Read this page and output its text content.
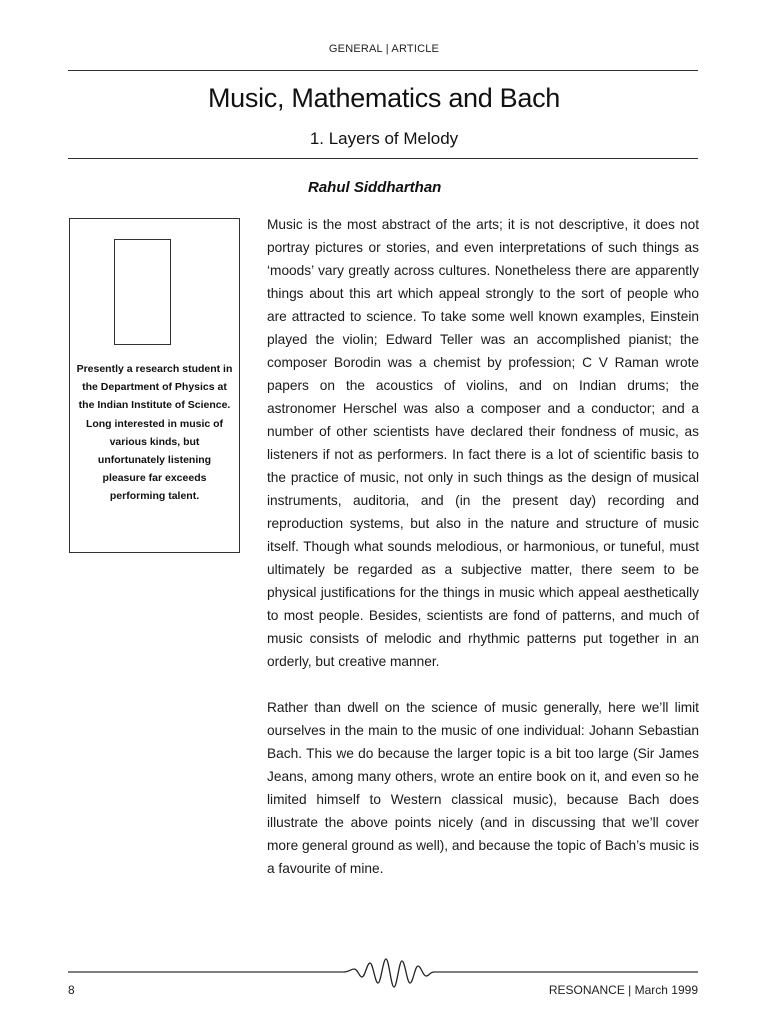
GENERAL | ARTICLE
Music, Mathematics and Bach
1. Layers of Melody
Rahul Siddharthan
Presently a research student in the Department of Physics at the Indian Institute of Science. Long interested in music of various kinds, but unfortunately listening pleasure far exceeds performing talent.

Music is the most abstract of the arts; it is not descriptive, it does not portray pictures or stories, and even interpretations of such things as ‘moods’ vary greatly across cultures. Nonetheless there are apparently things about this art which appeal strongly to the sort of people who are attracted to science. To take some well known examples, Einstein played the violin; Edward Teller was an accomplished pianist; the composer Borodin was a chemist by profession; C V Raman wrote papers on the acoustics of violins, and on Indian drums; the astronomer Herschel was also a composer and a conductor; and a number of other scientists have declared their fondness of music, as listeners if not as performers. In fact there is a lot of scientific basis to the practice of music, not only in such things as the design of musical instruments, auditoria, and (in the present day) recording and reproduction systems, but also in the nature and structure of music itself. Though what sounds melodious, or harmonious, or tuneful, must ultimately be regarded as a subjective matter, there seem to be physical justifications for the things in music which appeal aesthetically to most people. Besides, scientists are fond of patterns, and much of music consists of melodic and rhythmic patterns put together in an orderly, but creative manner.

Rather than dwell on the science of music generally, here we’ll limit ourselves in the main to the music of one individual: Johann Sebastian Bach. This we do because the larger topic is a bit too large (Sir James Jeans, among many others, wrote an entire book on it, and even so he limited himself to Western classical music), because Bach does illustrate the above points nicely (and in discussing that we’ll cover more general ground as well), and because the topic of Bach’s music is a favourite of mine.

8	RESONANCE | March 1999
